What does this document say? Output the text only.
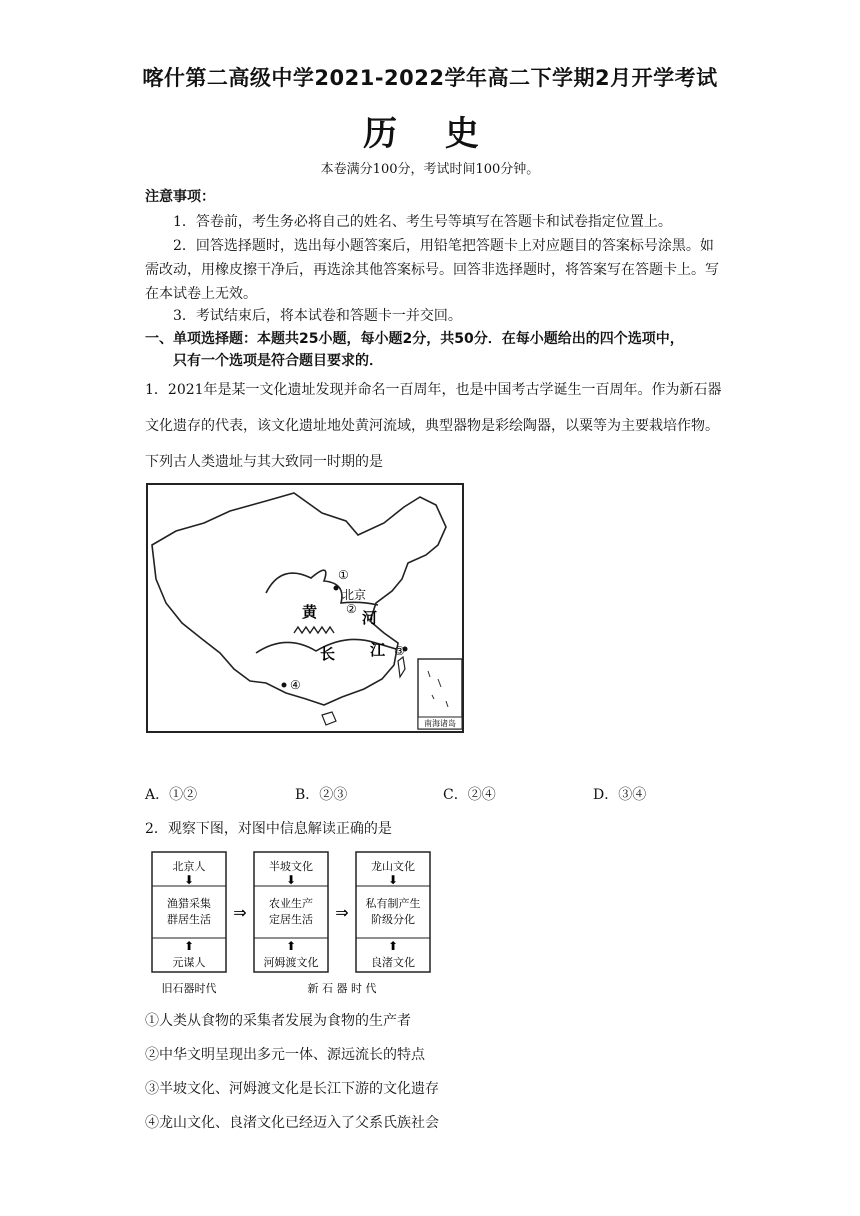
喀什第二高级中学2021-2022学年高二下学期2月开学考试
历 史
本卷满分100分，考试时间100分钟。
注意事项：
1．答卷前，考生务必将自己的姓名、考生号等填写在答题卡和试卷指定位置上。
2．回答选择题时，选出每小题答案后，用铅笔把答题卡上对应题目的答案标号涂黑。如需改动，用橡皮擦干净后，再选涂其他答案标号。回答非选择题时，将答案写在答题卡上。写在本试卷上无效。
3．考试结束后，将本试卷和答题卡一并交回。
一、单项选择题：本题共25小题，每小题2分，共50分．在每小题给出的四个选项中，
只有一个选项是符合题目要求的．
1．2021年是某一文化遗址发现并命名一百周年，也是中国考古学诞生一百周年。作为新石器文化遗存的代表，该文化遗址地处黄河流域，典型器物是彩绘陶器，以粟等为主要栽培作物。下列古人类遗址与其大致同一时期的是
①
北京
②
黄	河
长 江 ③
④
南海诸岛
A．①②	B．②③	C．②④	D．③④
2．观察下图，对图中信息解读正确的是
北京人
⬇
渔猎采集
群居生活
⬆
元谋人
⇒
半坡文化
⬇
农业生产
定居生活
⬆
河姆渡文化
⇒
龙山文化
⬇
私有制产生
阶级分化
⬆
良渚文化
旧石器时代	新 石 器 时 代
①人类从食物的采集者发展为食物的生产者
②中华文明呈现出多元一体、源远流长的特点
③半坡文化、河姆渡文化是长江下游的文化遗存
④龙山文化、良渚文化已经迈入了父系氏族社会
